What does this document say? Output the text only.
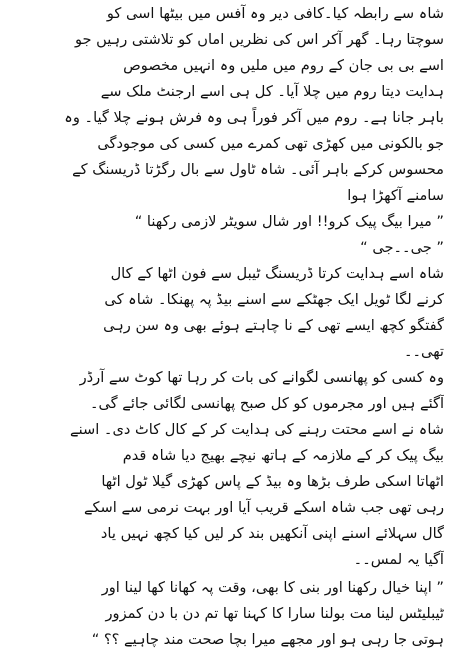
شاہ سے رابطہ کیا۔کافی دیر وہ آفس میں بیٹھا اسی کو
سوچتا رہا۔ گھر آکر اس کی نظریں اماں کو تلاشتی رہیں جو
اسے بی بی جان کے روم میں ملیں وہ انہیں مخصوص
ہدایت دیتا روم میں چلا آیا۔ کل ہی اسے ارجنٹ ملک سے
باہر جانا ہے۔ روم میں آکر فوراً ہی وہ فرش ہونے چلا گیا۔ وہ
جو بالکونی میں کھڑی تھی کمرے میں کسی کی موجودگی
محسوس کرکے باہر آئی۔ شاہ ٹاول سے بال رگڑتا ڈریسنگ کے
سامنے آکھڑا ہوا
” میرا بیگ پیک کرو!! اور شال سویٹر لازمی رکھنا “
” جی۔۔جی “
شاہ اسے ہدایت کرتا ڈریسنگ ٹیبل سے فون اٹھا کے کال
کرنے لگا ٹویل ایک جھٹکے سے اسنے بیڈ پہ پھنکا۔ شاہ کی
گفتگو کچھ ایسے تھی کے نا چاہتے ہوئے بھی وہ سن رہی
تھی۔۔
وہ کسی کو پھانسی لگوانے کی بات کر رہا تھا کوٹ سے آرڈر
آگئے ہیں اور مجرموں کو کل صبح پھانسی لگائی جائے گی۔
شاہ نے اسے محتت رہنے کی ہدایت کر کے کال کاٹ دی۔ اسنے
بیگ پیک کر کے ملازمہ کے ہاتھ نیچے بھیج دیا شاہ قدم
اٹھاتا اسکی طرف بڑھا وہ بیڈ کے پاس کھڑی گیلا ٹول اٹھا
رہی تھی جب شاہ اسکے قریب آیا اور بہت نرمی سے اسکے
گال سہلائے اسنے اپنی آنکھیں بند کر لیں کیا کچھ نہیں یاد
آگیا یہ لمس۔۔
” اپنا خیال رکھنا اور بنی کا بھی، وقت پہ کھانا کھا لینا اور
ٹیبلیٹس لینا مت بولنا سارا کا کہنا تھا تم دن با دن کمزور
ہوتی جا رہی ہو اور مجھے میرا بچا صحت مند چاہیے ؟؟ “
